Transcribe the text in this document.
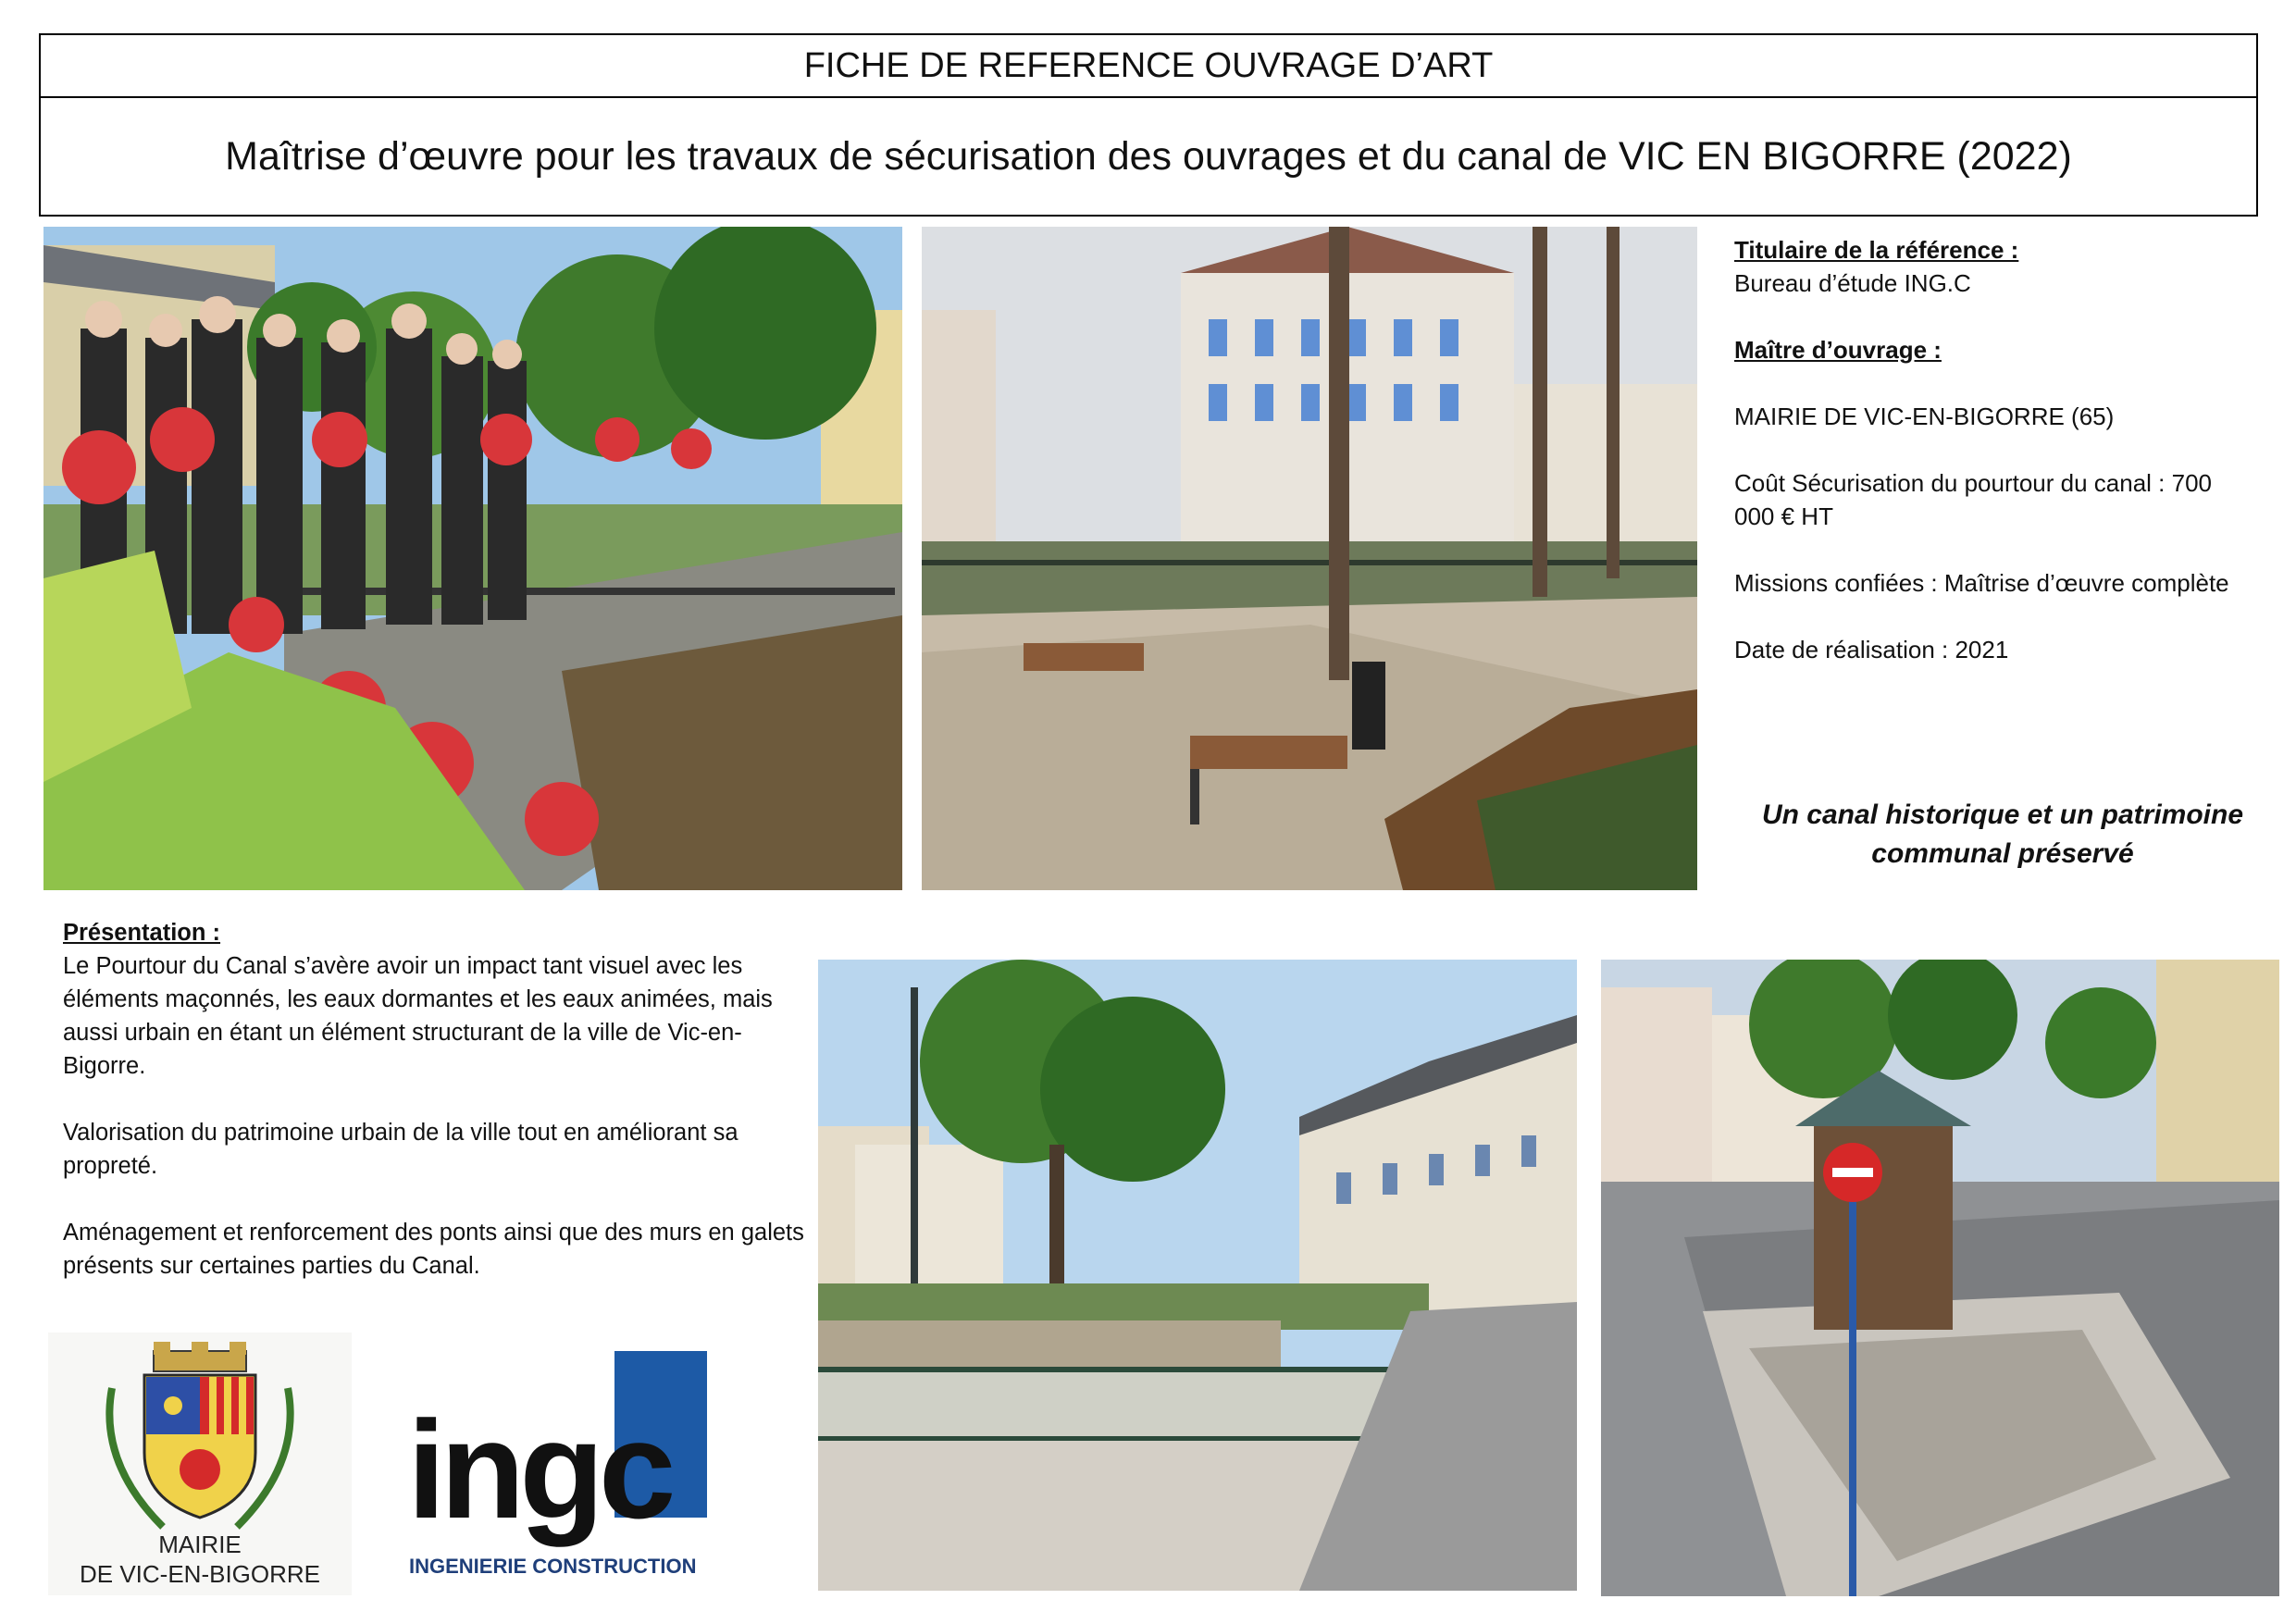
FICHE DE REFERENCE OUVRAGE D’ART
Maîtrise d’œuvre pour les travaux de sécurisation des ouvrages et du canal de VIC EN BIGORRE (2022)

Titulaire de la référence :

Bureau d’étude ING.C

Maître d’ouvrage :

MAIRIE DE VIC-EN-BIGORRE (65)

Coût Sécurisation du pourtour du canal : 700 000 € HT

Missions confiées : Maîtrise d’œuvre complète

Date de réalisation : 2021

Un canal historique et un patrimoine communal préservé

Présentation :

Le Pourtour du Canal s’avère avoir un impact tant visuel avec les éléments maçonnés, les eaux dormantes et les eaux animées, mais aussi urbain en étant un élément structurant de la ville de Vic-en-Bigorre.

Valorisation du patrimoine urbain de la ville tout en améliorant sa propreté.

Aménagement et renforcement des ponts ainsi que des murs en galets présents sur certaines parties du Canal.

MAIRIE
DE VIC-EN-BIGORRE
ingc
INGENIERIE CONSTRUCTION
